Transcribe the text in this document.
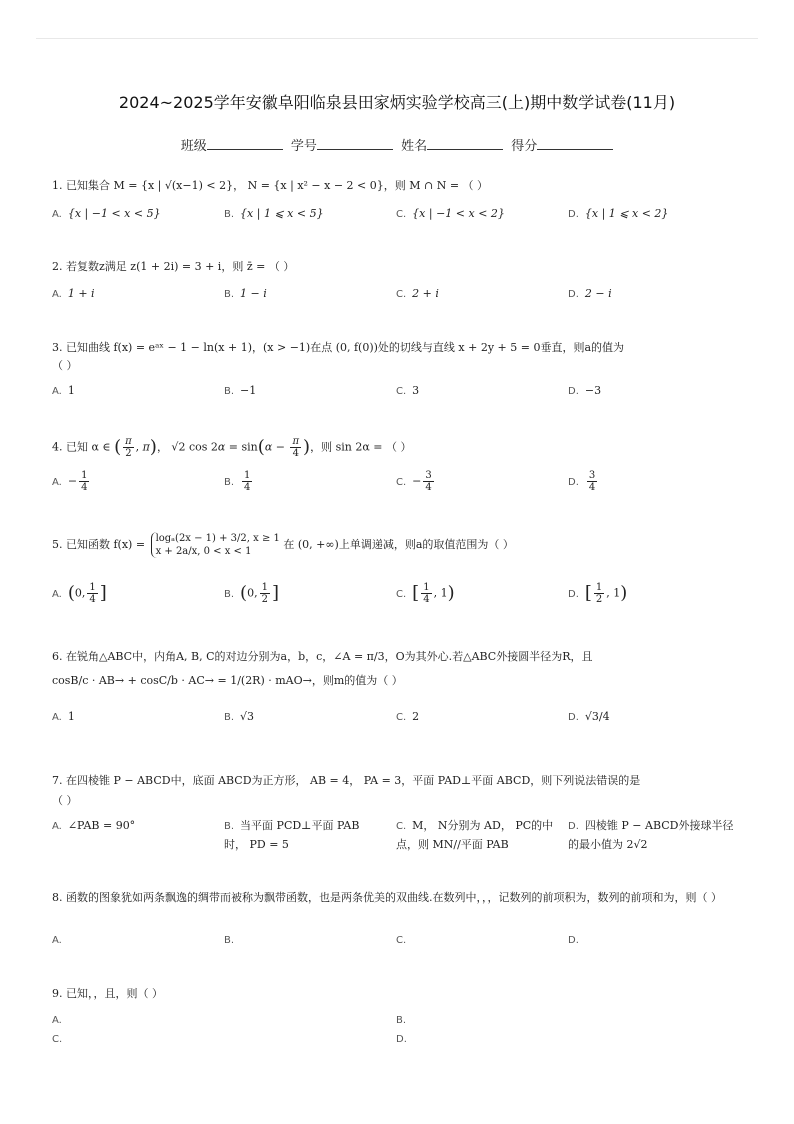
2024~2025学年安徽阜阳临泉县田家炳实验学校高三(上)期中数学试卷(11月)
班级	学号	姓名	得分
1. 已知集合 M = {x | √(x−1) < 2}， N = {x | x² − x − 2 < 0}，则 M ∩ N = （ ）
A. {x | −1 < x < 5}	B. {x | 1 ⩽ x < 5}	C. {x | −1 < x < 2}	D. {x | 1 ⩽ x < 2}
2. 若复数z满足 z(1 + 2i) = 3 + i，则 z̄ = （ ）
A. 1 + i	B. 1 − i	C. 2 + i	D. 2 − i
3. 已知曲线 f(x) = eᵃˣ − 1 − ln(x + 1)，(x > −1)在点 (0, f(0))处的切线与直线 x + 2y + 5 = 0垂直，则a的值为
（ ）
A. 1	B. −1	C. 3	D. −3
4. 已知 α ∈ ( $\frac{\pi}{2}$ , π)， √2 $\cos 2\alpha = \sin(\alpha - \frac{\pi}{4}$ )，则 sin 2α = （ ）
A. − $\frac{1}{4}$	B. $\frac{1}{4}$	C. − $\frac{3}{4}$	D. $\frac{3}{4}$
5. 已知函数 f(x) = logₐ(2x − 1) + 3/2, x ≥ 1
x + 2a/x, 0 < x < 1
在 (0, +∞)上单调递减，则a的取值范围为（ ）
A. (0, $\frac{1}{4}$ ]	B. (0, $\frac{1}{2}$ ]	C. [ $\frac{1}{4}$ , 1)	D. [ $\frac{1}{2}$ , 1)
6. 在锐角△ABC中，内角A, B, C的对边分别为a，b，c，∠A = π/3，O为其外心.若△ABC外接圆半径为R，且
cosB/c · AB→ + cosC/b · AC→ = 1/(2R) · mAO→，则m的值为（ ）
A. 1	B. √3	C. 2	D. √3/4
7. 在四棱锥 P − ABCD中，底面 ABCD为正方形， AB = 4， PA = 3，平面 PAD⊥平面 ABCD，则下列说法错误的是
（ ）
A. ∠PAB = 90°	B. 当平面 PCD⊥平面 PAB 时， PD = 5
C. M， N分别为 AD， PC的中点，则 MN//平面 PAB
D. 四棱锥 P − ABCD外接球半径的最小值为 2√2
8. 函数的图象犹如两条飘逸的绸带而被称为飘带函数，也是两条优美的双曲线.在数列中，，，记数列的前项积为，数列的前项和为，则（ ）
A.	B.	C.	D.
9. 已知，，且，则（ ）
A.	B.
C.	D.
